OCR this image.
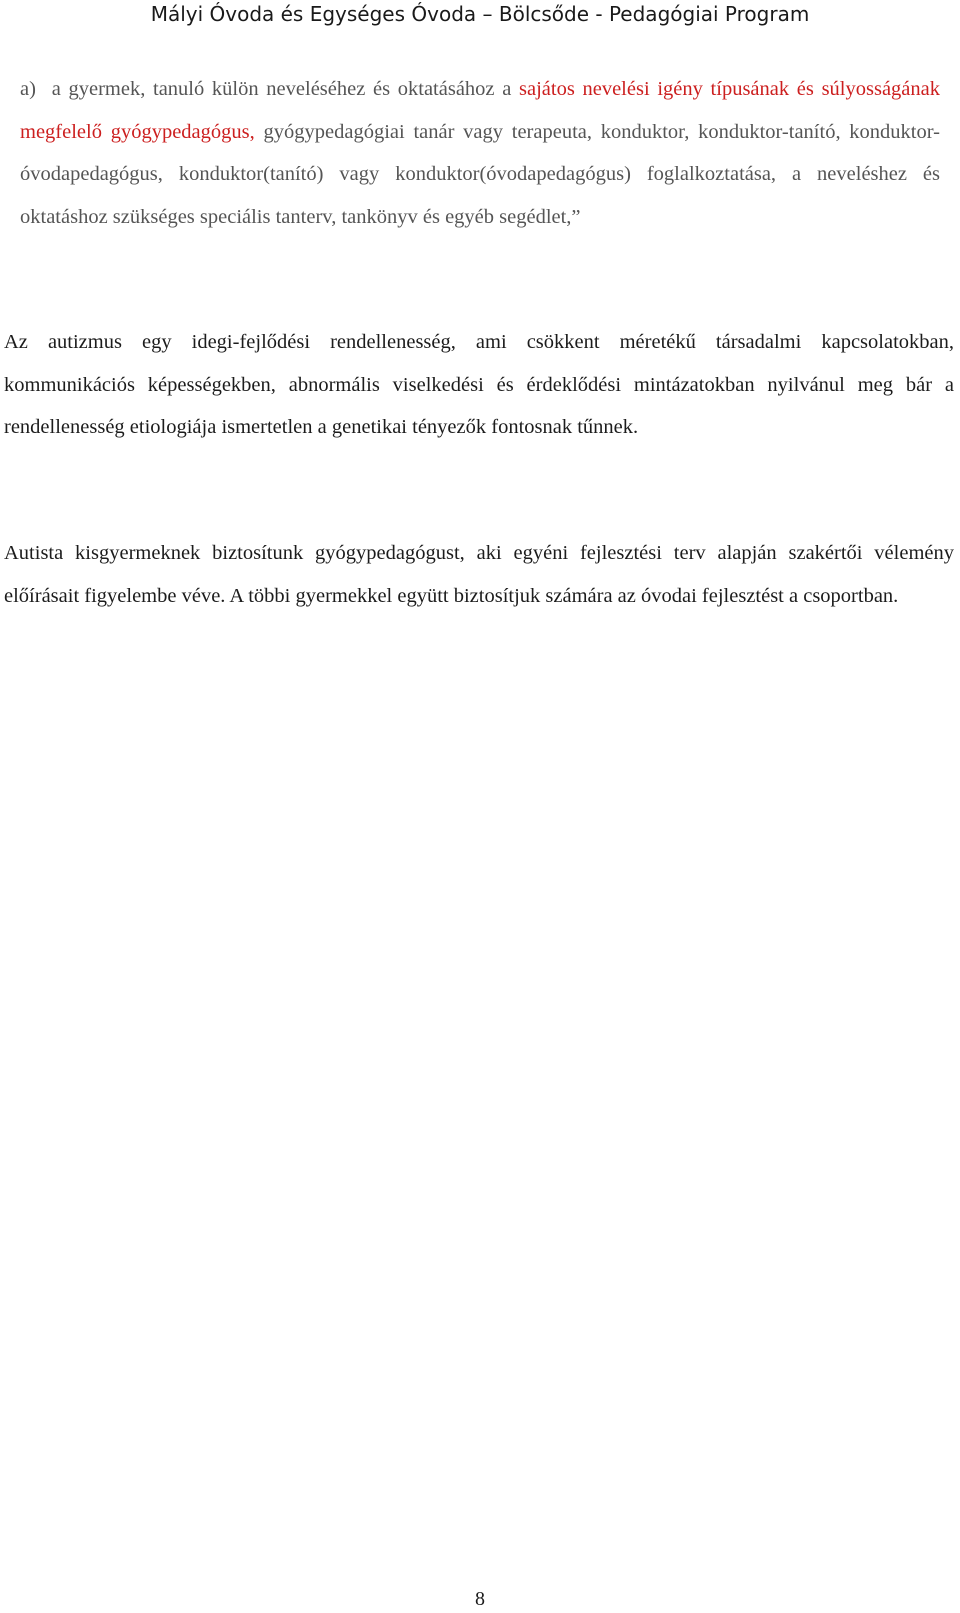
Mályi Óvoda és Egységes Óvoda – Bölcsőde - Pedagógiai Program

a) a gyermek, tanuló külön neveléséhez és oktatásához a sajátos nevelési igény típusának és súlyosságának megfelelő gyógypedagógus, gyógypedagógiai tanár vagy terapeuta, konduktor, konduktor-tanító, konduktor-óvodapedagógus, konduktor(tanító) vagy konduktor(óvodapedagógus) foglalkoztatása, a neveléshez és oktatáshoz szükséges speciális tanterv, tankönyv és egyéb segédlet,”

Az autizmus egy idegi-fejlődési rendellenesség, ami csökkent méretékű társadalmi kapcsolatokban, kommunikációs képességekben, abnormális viselkedési és érdeklődési mintázatokban nyilvánul meg bár a rendellenesség etiologiája ismertetlen a genetikai tényezők fontosnak tűnnek.

Autista kisgyermeknek biztosítunk gyógypedagógust, aki egyéni fejlesztési terv alapján szakértői vélemény előírásait figyelembe véve. A többi gyermekkel együtt biztosítjuk számára az óvodai fejlesztést a csoportban.

8
